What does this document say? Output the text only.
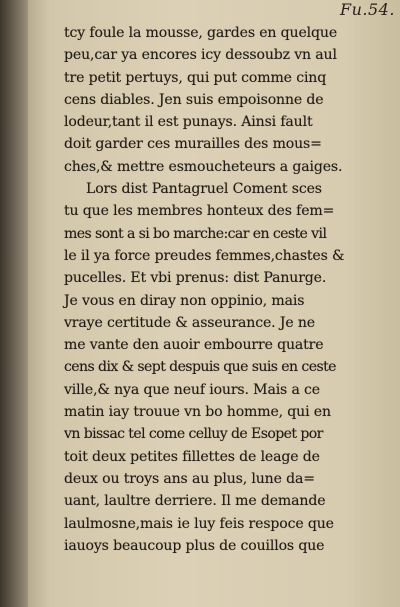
Fu.54.
tcy foule la mousse, gardes en quelque
peu,car ya encores icy dessoubz vn aul
tre petit pertuys, qui put comme cinq
cens diables. Jen suis empoisonne de
lodeur,tant il est punays. Ainsi fault
doit garder ces murailles des mous=
ches,& mettre esmoucheteurs a gaiges.
Lors dist Pantagruel Coment sces
tu que les membres honteux des fem=
mes sont a si bo marche:car en ceste vil
le il ya force preudes femmes,chastes &
pucelles. Et vbi prenus: dist Panurge.
Je vous en diray non oppinio, mais
vraye certitude & asseurance. Je ne
me vante den auoir embourre quatre
cens dix & sept despuis que suis en ceste
ville,& nya que neuf iours. Mais a ce
matin iay trouue vn bo homme, qui en
vn bissac tel come celluy de Esopet por
toit deux petites fillettes de leage de
deux ou troys ans au plus, lune da=
uant, laultre derriere. Il me demande
laulmosne,mais ie luy feis respoce que
iauoys beaucoup plus de couillos que
